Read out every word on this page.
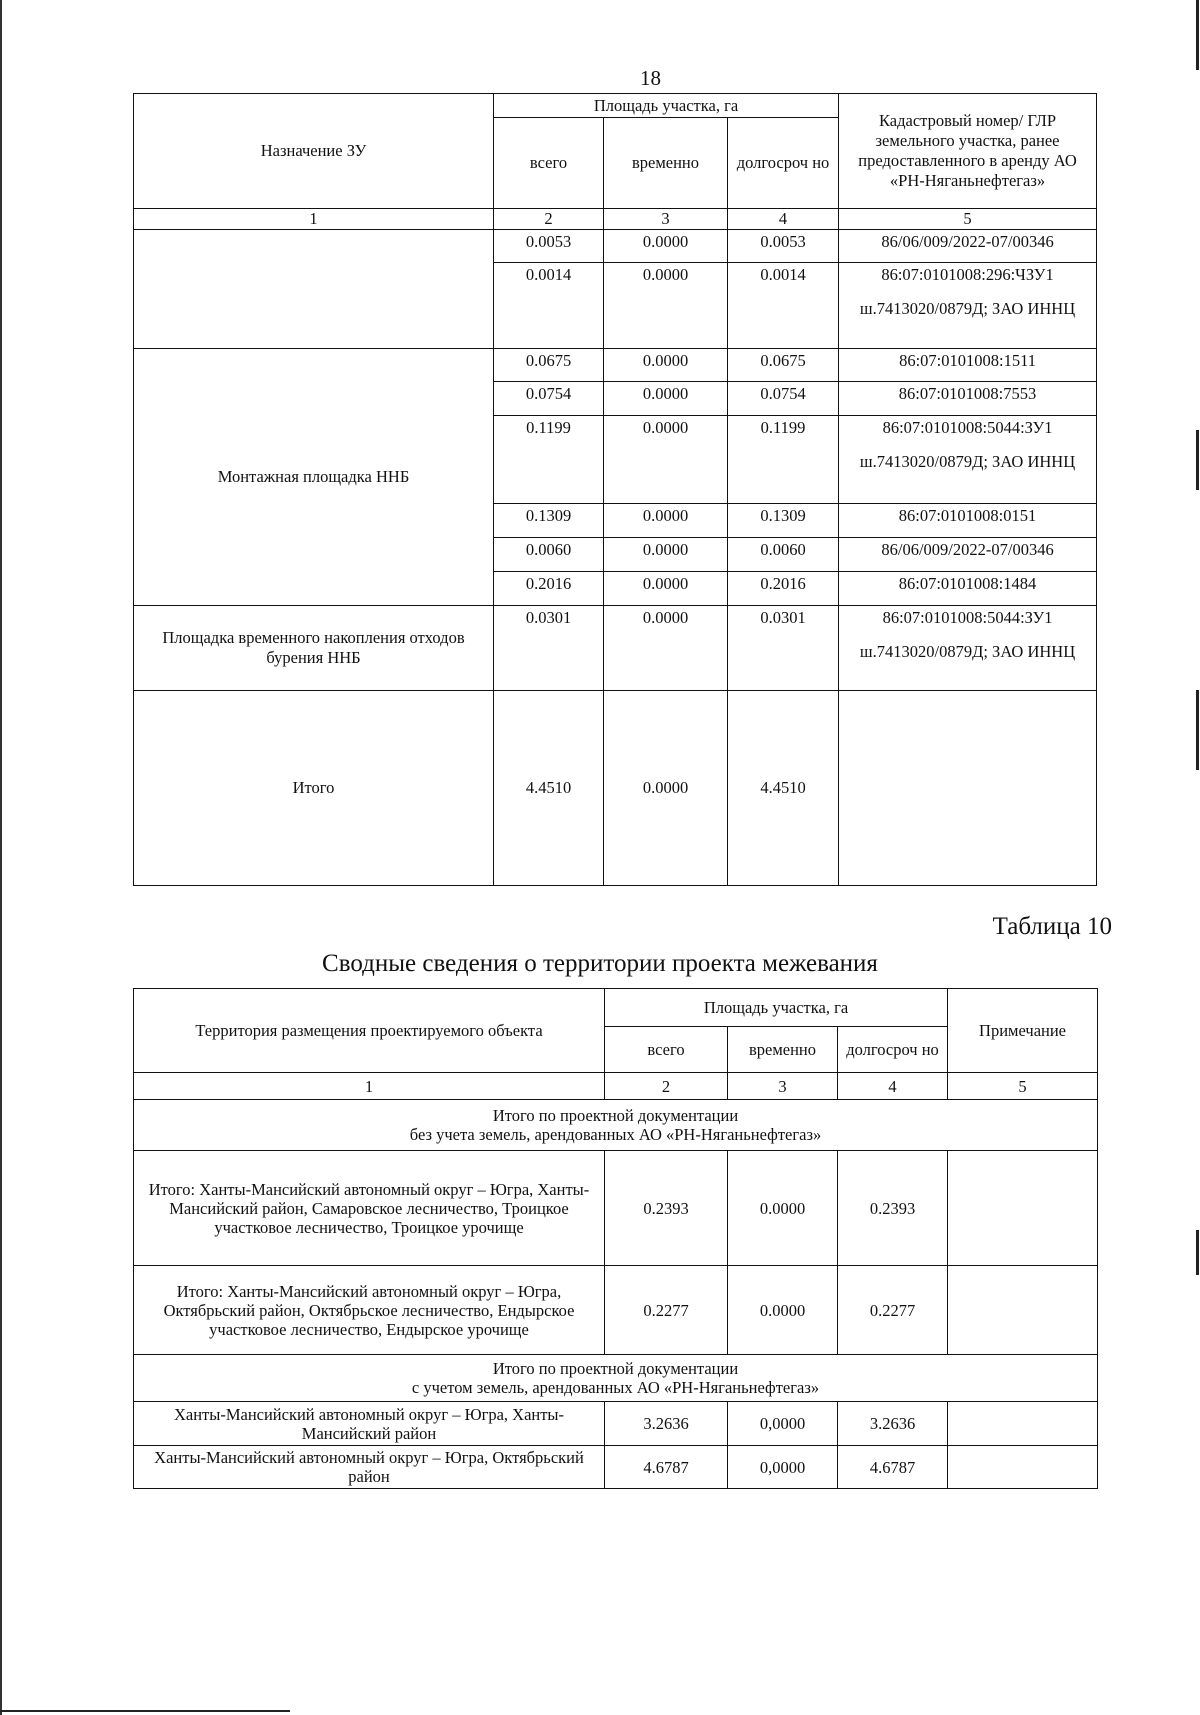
18
Назначение ЗУ	Площадь участка, га			Кадастровый номер/ ГЛР земельного участка, ранее предоставленного в аренду АО «РН-Няганьнефтегаз»
	всего	временно	долгосроч но	
1	2	3	4	5
	0.0053	0.0000	0.0053	86/06/009/2022-07/00346
	0.0014	0.0000	0.0014	86:07:0101008:296:ЧЗУ1
ш.7413020/0879Д; ЗАО ИННЦ

Монтажная площадка ННБ	0.0675	0.0000	0.0675	86:07:0101008:1511
	0.0754	0.0000	0.0754	86:07:0101008:7553
	0.1199	0.0000	0.1199	86:07:0101008:5044:ЗУ1
ш.7413020/0879Д; ЗАО ИННЦ

	0.1309	0.0000	0.1309	86:07:0101008:0151
	0.0060	0.0000	0.0060	86/06/009/2022-07/00346
	0.2016	0.0000	0.2016	86:07:0101008:1484
Площадка временного накопления отходов бурения ННБ	0.0301	0.0000	0.0301	86:07:0101008:5044:ЗУ1
ш.7413020/0879Д; ЗАО ИННЦ

Итого	4.4510	0.0000	4.4510	
Таблица 10
Сводные сведения о территории проекта межевания
Территория размещения проектируемого объекта	Площадь участка, га			Примечание
	всего	временно	долгосроч но	
1	2	3	4	5

Итого по проектной документации
без учета земель, арендованных АО «РН-Няганьнефтегаз»				

Итого: Ханты-Мансийский автономный округ – Югра, Ханты-Мансийский район, Самаровское лесничество, Троицкое участковое лесничество, Троицкое урочище	0.2393	0.0000	0.2393	
Итого: Ханты-Мансийский автономный округ – Югра, Октябрьский район, Октябрьское лесничество, Ендырское участковое лесничество, Ендырское урочище	0.2277	0.0000	0.2277	

Итого по проектной документации
с учетом земель, арендованных АО «РН-Няганьнефтегаз»				

Ханты-Мансийский автономный округ – Югра, Ханты-Мансийский район	3.2636	0,0000	3.2636	
Ханты-Мансийский автономный округ – Югра, Октябрьский район	4.6787	0,0000	4.6787	
